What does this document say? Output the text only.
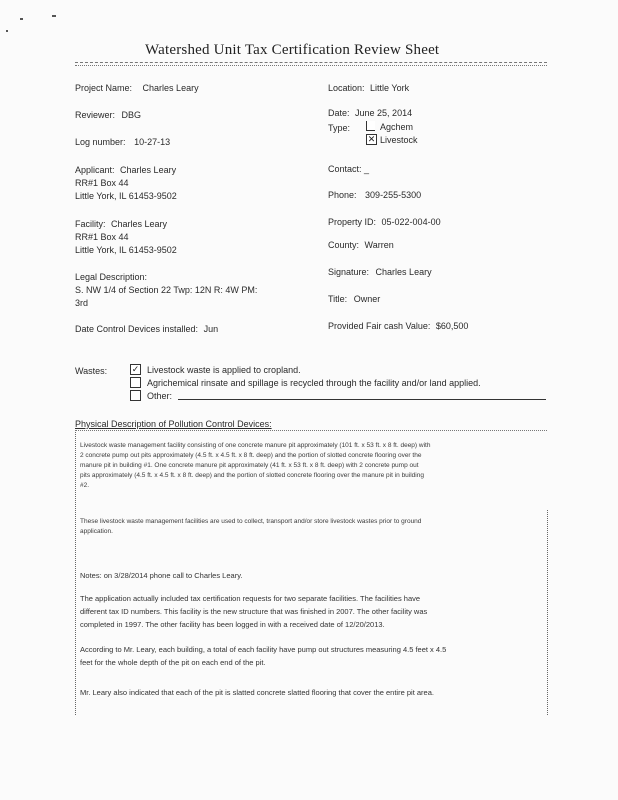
Watershed Unit Tax Certification Review Sheet
Project Name: Charles Leary	Location: Little York
Reviewer: DBG	Date: June 25, 2014
Type:	Agchem
✕ Livestock
Log number: 10-27-13
Applicant: Charles Leary
RR#1 Box 44
Little York, IL 61453-9502
Contact: _
Phone: 309-255-5300
Facility: Charles Leary
RR#1 Box 44
Little York, IL 61453-9502
Property ID: 05-022-004-00
County: Warren
Legal Description:
S. NW 1/4 of Section 22 Twp: 12N R: 4W PM:
3rd
Signature: Charles Leary
Title: Owner
Date Control Devices installed: Jun	Provided Fair cash Value: $60,500
Wastes:	✓ Livestock waste is applied to cropland.
Agrichemical rinsate and spillage is recycled through the facility and/or land applied.
Other:
Physical Description of Pollution Control Devices:
Livestock waste management facility consisting of one concrete manure pit approximately (101 ft. x 53 ft. x 8 ft. deep) with
2 concrete pump out pits approximately (4.5 ft. x 4.5 ft. x 8 ft. deep) and the portion of slotted concrete flooring over the
manure pit in building #1. One concrete manure pit approximately (41 ft. x 53 ft. x 8 ft. deep) with 2 concrete pump out
pits approximately (4.5 ft. x 4.5 ft. x 8 ft. deep) and the portion of slotted concrete flooring over the manure pit in building
#2.
These livestock waste management facilities are used to collect, transport and/or store livestock wastes prior to ground
application.
Notes: on 3/28/2014 phone call to Charles Leary.
The application actually included tax certification requests for two separate facilities. The facilities have
different tax ID numbers. This facility is the new structure that was finished in 2007. The other facility was
completed in 1997. The other facility has been logged in with a received date of 12/20/2013.
According to Mr. Leary, each building, a total of each facility have pump out structures measuring 4.5 feet x 4.5
feet for the whole depth of the pit on each end of the pit.
Mr. Leary also indicated that each of the pit is slatted concrete slatted flooring that cover the entire pit area.
